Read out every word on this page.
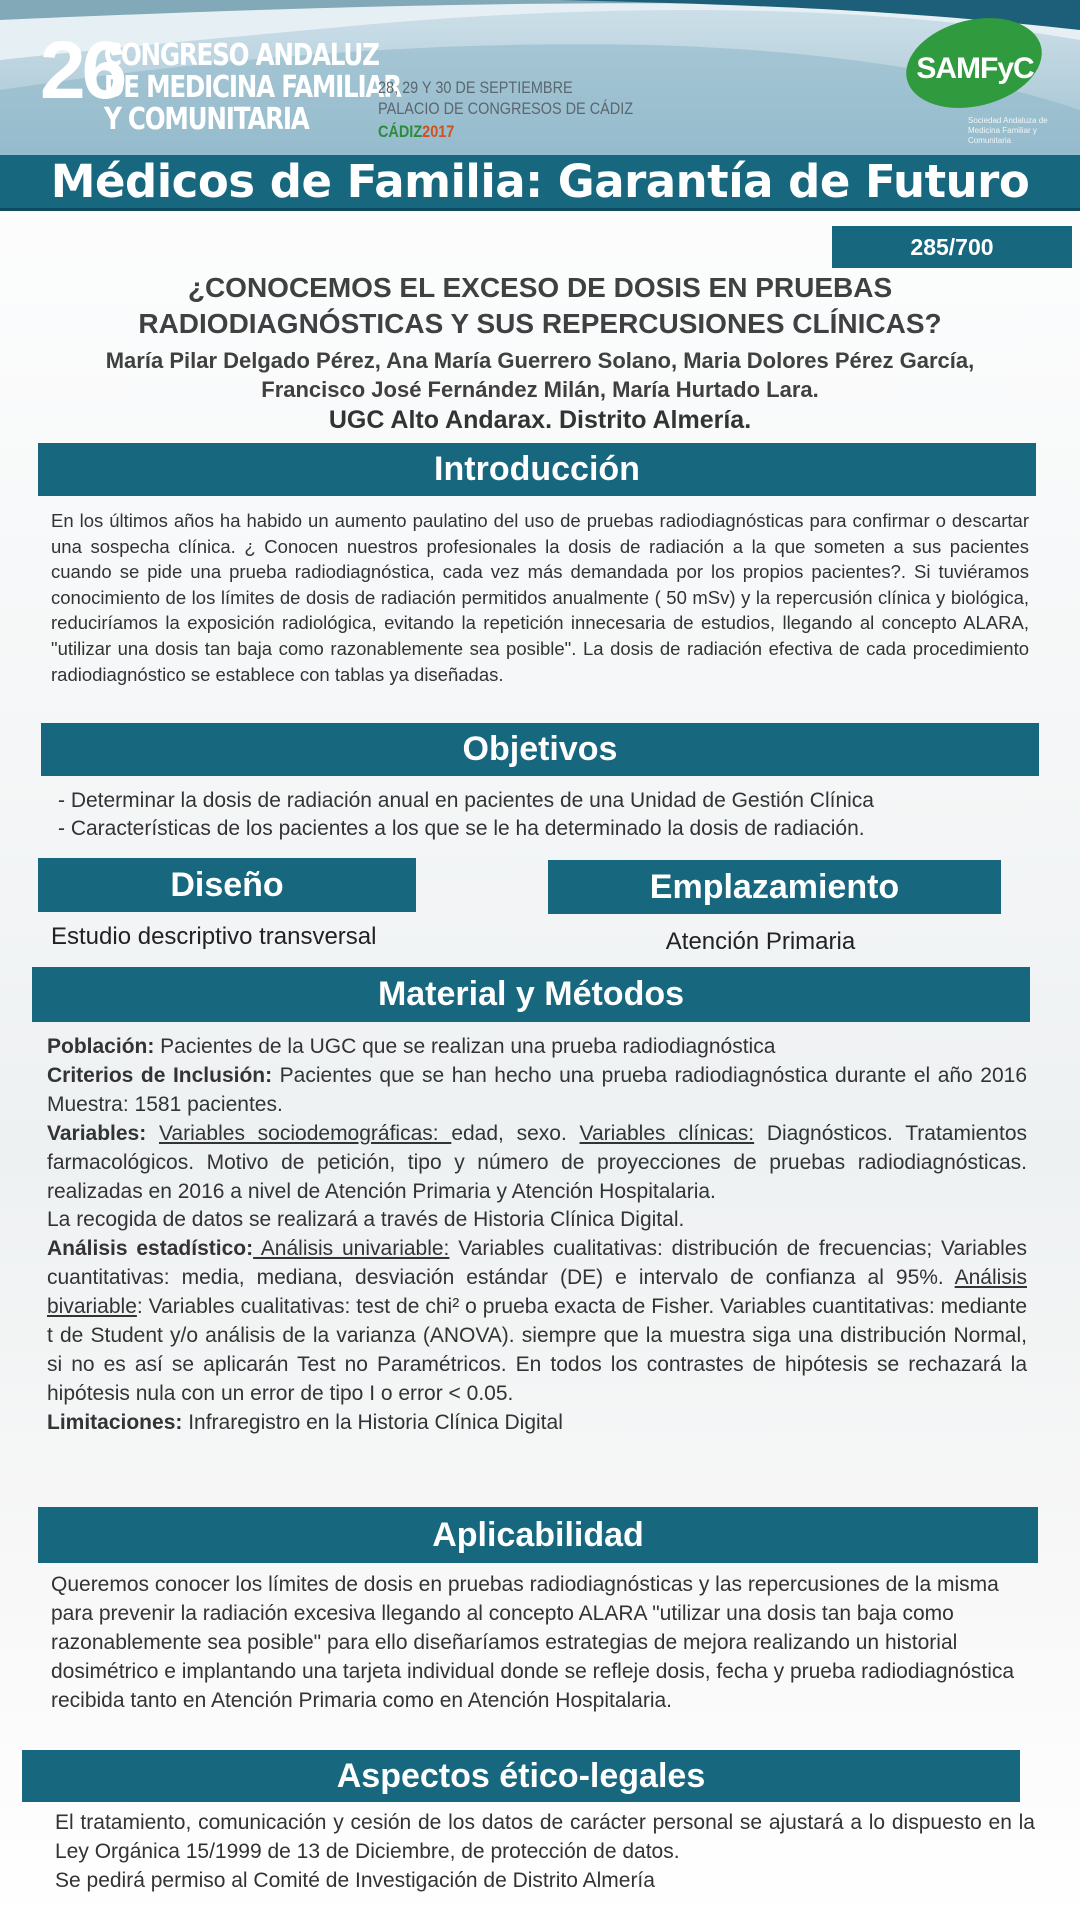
26
CONGRESO ANDALUZ
DE MEDICINA FAMILIAR
Y COMUNITARIA
28, 29 Y 30 DE SEPTIEMBRE
PALACIO DE CONGRESOS DE CÁDIZ
CÁDIZ2017
SAMFyC
Sociedad Andaluza de Medicina Familiar y Comunitaria
Médicos de Familia: Garantía de Futuro
285/700
¿CONOCEMOS EL EXCESO DE DOSIS EN PRUEBAS
RADIODIAGNÓSTICAS Y SUS REPERCUSIONES CLÍNICAS?
María Pilar Delgado Pérez, Ana María Guerrero Solano, Maria Dolores Pérez García,
Francisco José Fernández Milán, María Hurtado Lara.
UGC Alto Andarax. Distrito Almería.
Introducción
En los últimos años ha habido un aumento paulatino del uso de pruebas radiodiagnósticas para confirmar o descartar una sospecha clínica. ¿ Conocen nuestros profesionales la dosis de radiación a la que someten a sus pacientes cuando se pide una prueba radiodiagnóstica, cada vez más demandada por los propios pacientes?. Si tuviéramos conocimiento de los límites de dosis de radiación permitidos anualmente ( 50 mSv) y la repercusión clínica y biológica, reduciríamos la exposición radiológica, evitando la repetición innecesaria de estudios, llegando al concepto ALARA, "utilizar una dosis tan baja como razonablemente sea posible". La dosis de radiación efectiva de cada procedimiento radiodiagnóstico se establece con tablas ya diseñadas.
Objetivos
- Determinar la dosis de radiación anual en pacientes de una Unidad de Gestión Clínica
- Características de los pacientes a los que se le ha determinado la dosis de radiación.
Diseño
Estudio descriptivo transversal
Emplazamiento
Atención Primaria
Material y Métodos
Población: Pacientes de la UGC que se realizan una prueba radiodiagnóstica
Criterios de Inclusión: Pacientes que se han hecho una prueba radiodiagnóstica durante el año 2016 Muestra: 1581 pacientes.
Variables: Variables sociodemográficas: edad, sexo. Variables clínicas: Diagnósticos. Tratamientos farmacológicos. Motivo de petición, tipo y número de proyecciones de pruebas radiodiagnósticas. realizadas en 2016 a nivel de Atención Primaria y Atención Hospitalaria.
La recogida de datos se realizará a través de Historia Clínica Digital.
Análisis estadístico: Análisis univariable: Variables cualitativas: distribución de frecuencias; Variables cuantitativas: media, mediana, desviación estándar (DE) e intervalo de confianza al 95%. Análisis bivariable: Variables cualitativas: test de chi² o prueba exacta de Fisher. Variables cuantitativas: mediante t de Student y/o análisis de la varianza (ANOVA). siempre que la muestra siga una distribución Normal, si no es así se aplicarán Test no Paramétricos. En todos los contrastes de hipótesis se rechazará la hipótesis nula con un error de tipo I o error < 0.05.
Limitaciones: Infraregistro en la Historia Clínica Digital
Aplicabilidad
Queremos conocer los límites de dosis en pruebas radiodiagnósticas y las repercusiones de la misma para prevenir la radiación excesiva llegando al concepto ALARA "utilizar una dosis tan baja como razonablemente sea posible" para ello diseñaríamos estrategias de mejora realizando un historial dosimétrico e implantando una tarjeta individual donde se refleje dosis, fecha y prueba radiodiagnóstica recibida tanto en Atención Primaria como en Atención Hospitalaria.
Aspectos ético-legales
El tratamiento, comunicación y cesión de los datos de carácter personal se ajustará a lo dispuesto en la Ley Orgánica 15/1999 de 13 de Diciembre, de protección de datos.
Se pedirá permiso al Comité de Investigación de Distrito Almería
